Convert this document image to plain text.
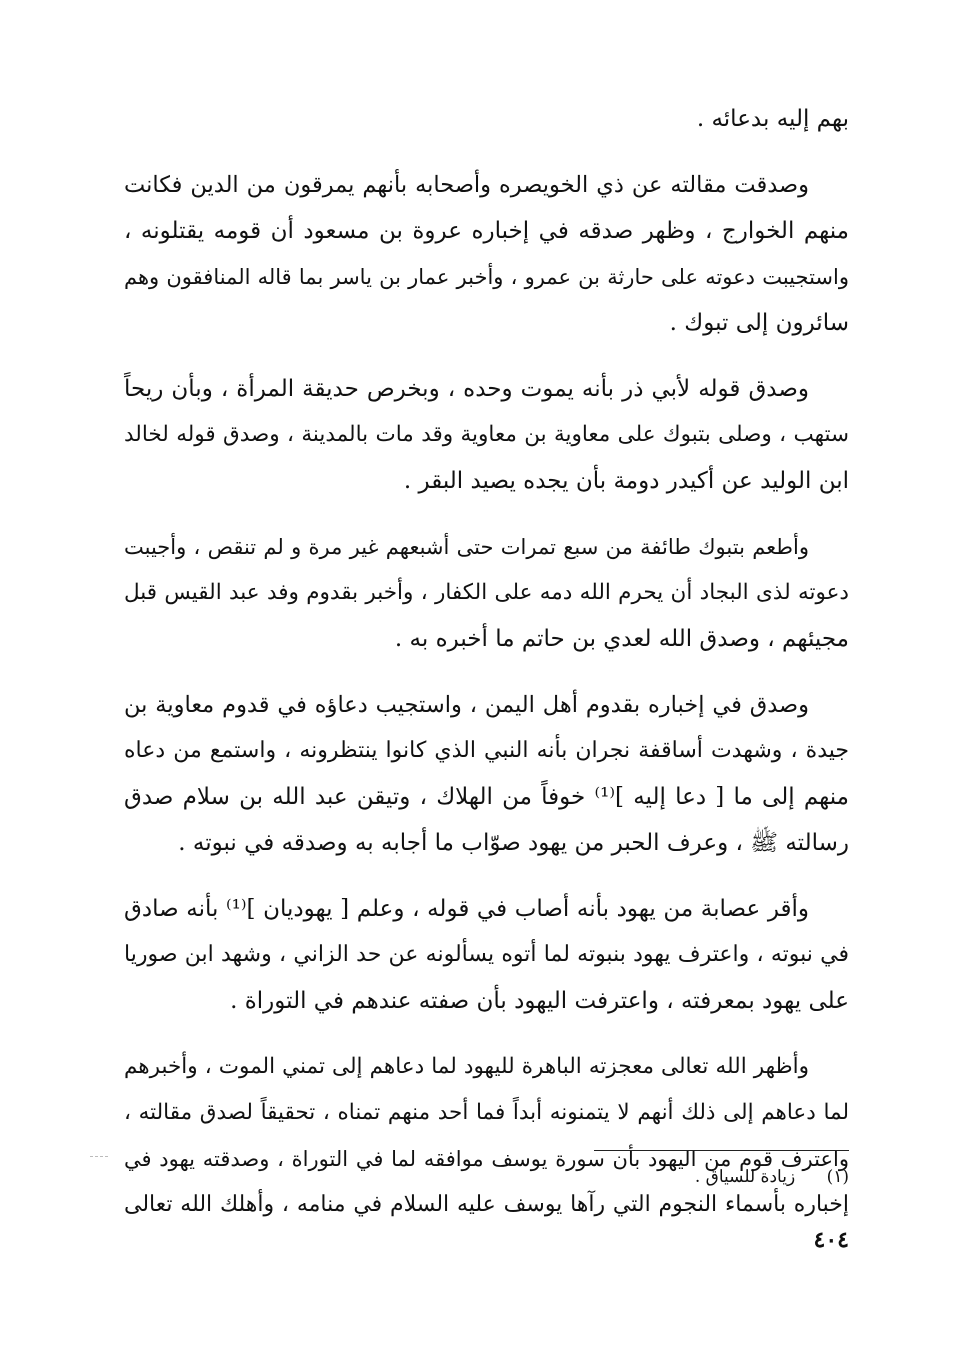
بهم إليه بدعائه .
وصدقت مقالته عن ذي الخويصره وأصحابه بأنهم يمرقون من الدين فكانت
منهم الخوارج ، وظهر صدقه في إخباره عروة بن مسعود أن قومه يقتلونه ،
واستجيبت دعوته على حارثة بن عمرو ، وأخبر عمار بن ياسر بما قاله المنافقون وهم
سائرون إلى تبوك .
وصدق قوله لأبي ذر بأنه يموت وحده ، وبخرص حديقة المرأة ، وبأن ريحاً
ستهب ، وصلى بتبوك على معاوية بن معاوية وقد مات بالمدينة ، وصدق قوله لخالد
ابن الوليد عن أكيدر دومة بأن يجده يصيد البقر .
وأطعم بتبوك طائفة من سبع تمرات حتى أشبعهم غير مرة و لم تنقص ، وأجيبت
دعوته لذى البجاد أن يحرم الله دمه على الكفار ، وأخبر بقدوم وفد عبد القيس قبل
مجيئهم ، وصدق الله لعدي بن حاتم ما أخبره به .
وصدق في إخباره بقدوم أهل اليمن ، واستجيب دعاؤه في قدوم معاوية بن
جيدة ، وشهدت أساقفة نجران بأنه النبي الذي كانوا ينتظرونه ، واستمع من دعاه
منهم إلى ما [ دعا إليه ]⁽¹⁾ خوفاً من الهلاك ، وتيقن عبد الله بن سلام صدق
رسالته ﷺ ، وعرف الحبر من يهود صوّاب ما أجابه به وصدقه في نبوته .
وأقر عصابة من يهود بأنه أصاب في قوله ، وعلم [ يهوديان ]⁽¹⁾ بأنه صادق
في نبوته ، واعترف يهود بنبوته لما أتوه يسألونه عن حد الزاني ، وشهد ابن صوريا
على يهود بمعرفته ، واعترفت اليهود بأن صفته عندهم في التوراة .
وأظهر الله تعالى معجزته الباهرة لليهود لما دعاهم إلى تمني الموت ، وأخبرهم
لما دعاهم إلى ذلك أنهم لا يتمنونه أبداً فما أحد منهم تمناه ، تحقيقاً لصدق مقالته ،
واعترف قوم من اليهود بأن سورة يوسف موافقه لما في التوراة ، وصدقته يهود في
إخباره بأسماء النجوم التي رآها يوسف عليه السلام في منامه ، وأهلك الله تعالى
(١) زيادة للسياق .
٤٠٤
